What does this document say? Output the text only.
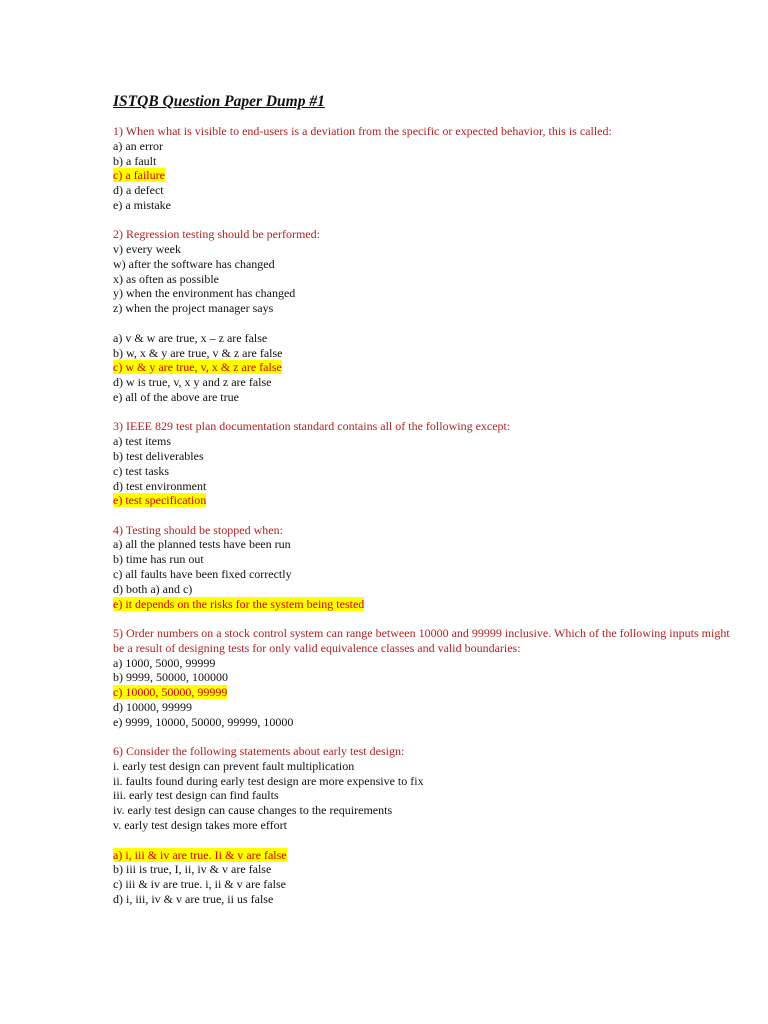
ISTQB Question Paper Dump #1
1) When what is visible to end-users is a deviation from the specific or expected behavior, this is called:
a) an error
b) a fault
c) a failure
d) a defect
e) a mistake
2) Regression testing should be performed:
v) every week
w) after the software has changed
x) as often as possible
y) when the environment has changed
z) when the project manager says
a) v & w are true, x – z are false
b) w, x & y are true, v & z are false
c) w & y are true, v, x & z are false
d) w is true, v, x y and z are false
e) all of the above are true
3) IEEE 829 test plan documentation standard contains all of the following except:
a) test items
b) test deliverables
c) test tasks
d) test environment
e) test specification
4) Testing should be stopped when:
a) all the planned tests have been run
b) time has run out
c) all faults have been fixed correctly
d) both a) and c)
e) it depends on the risks for the system being tested
5) Order numbers on a stock control system can range between 10000 and 99999 inclusive. Which of the following inputs might be a result of designing tests for only valid equivalence classes and valid boundaries:
a) 1000, 5000, 99999
b) 9999, 50000, 100000
c) 10000, 50000, 99999
d) 10000, 99999
e) 9999, 10000, 50000, 99999, 10000
6) Consider the following statements about early test design:
i. early test design can prevent fault multiplication
ii. faults found during early test design are more expensive to fix
iii. early test design can find faults
iv. early test design can cause changes to the requirements
v. early test design takes more effort
a) i, iii & iv are true. Ii & v are false
b) iii is true, I, ii, iv & v are false
c) iii & iv are true. i, ii & v are false
d) i, iii, iv & v are true, ii us false
